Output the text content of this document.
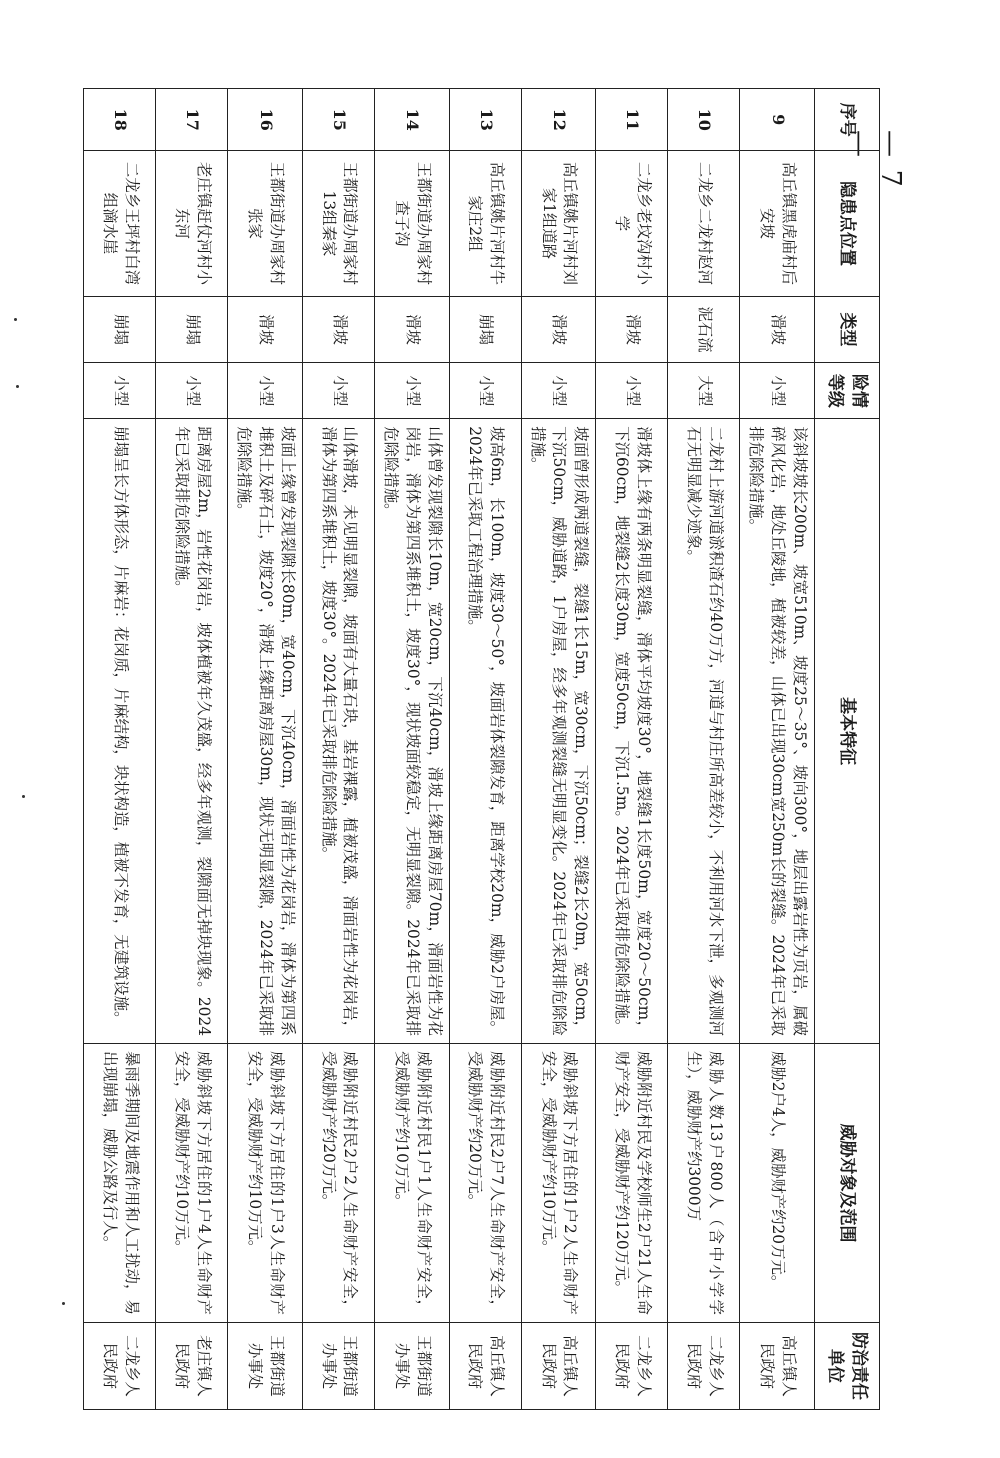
— 7 —
序号	隐患点位置	类型	险情等级	基本特征	威胁对象及范围	防治责任单位
9	高丘镇黑虎庙村后安坡	滑坡	小型	该斜坡坡长200m、坡宽510m、坡度25～35°、坡向300°，地层出露岩性为页岩，属破碎风化岩，地处丘陵地，植被较差，山体已出现30cm宽250m长的裂缝。2024年已采取排危除险措施。	威胁2户4人，威胁财产约20万元。	高丘镇人民政府
10	二龙乡二龙村赵河	泥石流	大型	二龙村上游河道淤积渣石约40万方，河道与村庄所高差较小，不利用河水下泄，多观测河石无明显减少迹象。	威胁人数13户800人（含中小学学生），威胁财产约3000万	二龙乡人民政府
11	二龙乡老坟沟村小学	滑坡	小型	滑坡体上缘有两条明显裂缝，滑体平均坡度30°，地裂缝1长度50m，宽度20～50cm，下沉60cm，地裂缝2长度30m，宽度50cm，下沉1.5m。2024年已采取排危除险措施。	威胁附近村民及学校师生2户21人生命财产安全，受威胁财产约120万元。	二龙乡人民政府
12	高丘镇姚片河村刘家1组道路	滑坡	小型	坡面曾形成两道裂缝，裂缝1长15m，宽30cm，下沉50cm；裂缝2长20m，宽50cm，下沉50cm，威胁道路，1户房屋，经多年观测裂缝无明显变化。2024年已采取排危除险措施。	威胁斜坡下方居住的1户2人生命财产安全，受威胁财产约10万元。	高丘镇人民政府
13	高丘镇姚片河村牛家庄2组	崩塌	小型	坡高6m，长100m，坡度30～50°，坡面岩体裂隙发育，距离学校20m，威胁2户房屋。2024年已采取工程治理措施。	威胁附近村民2户7人生命财产安全，受威胁财产约20万元。	高丘镇人民政府
14	王都街道办周家村查子沟	滑坡	小型	山体曾发现裂隙长10m，宽20cm，下沉40cm，滑坡上缘距离房屋70m，滑面岩性为花岗岩，滑体为第四系堆积土，坡度30°，现状坡面较稳定，无明显裂隙。2024年已采取排危除险措施。	威胁附近村民1户1人生命财产安全，受威胁财产约10万元。	王都街道办事处
15	王都街道办周家村13组秦家	滑坡	小型	山体滑坡，未见明显裂隙，坡面有大量石块，基岩裸露，植被茂盛，滑面岩性为花岗岩，滑体为第四系堆积土，坡度30°。2024年已采取排危除险措施。	威胁附近村民2户2人生命财产安全，受威胁财产约20万元。	王都街道办事处
16	王都街道办周家村张家	滑坡	小型	坡面上缘曾发现裂隙长80m，宽40cm，下沉40cm，滑面岩性为花岗岩，滑体为第四系堆积土及碎石土，坡度20°，滑坡上缘距离房屋30m，现状无明显裂隙，2024年已采取排危除险措施。	威胁斜坡下方居住的1户3人生命财产安全，受威胁财产约10万元。	王都街道办事处
17	老庄镇赶仗河村小东河	崩塌	小型	距离房屋2m，岩性花岗岩，坡体植被年久茂盛，经多年观测，裂隙面无掉块现象。2024年已采取排危除险措施。	威胁斜坡下方居住的1户4人生命财产安全，受威胁财产约10万元。	老庄镇人民政府
18	二龙乡王坪村白湾组滴水崖	崩塌	小型	崩塌呈长方体形态，片麻岩：花岗质，片麻结构，块状构造，植被不发育，无建筑设施。	暴雨季期间及地震作用和人工扰动，易出现崩塌，威胁公路及行人。	二龙乡人民政府
